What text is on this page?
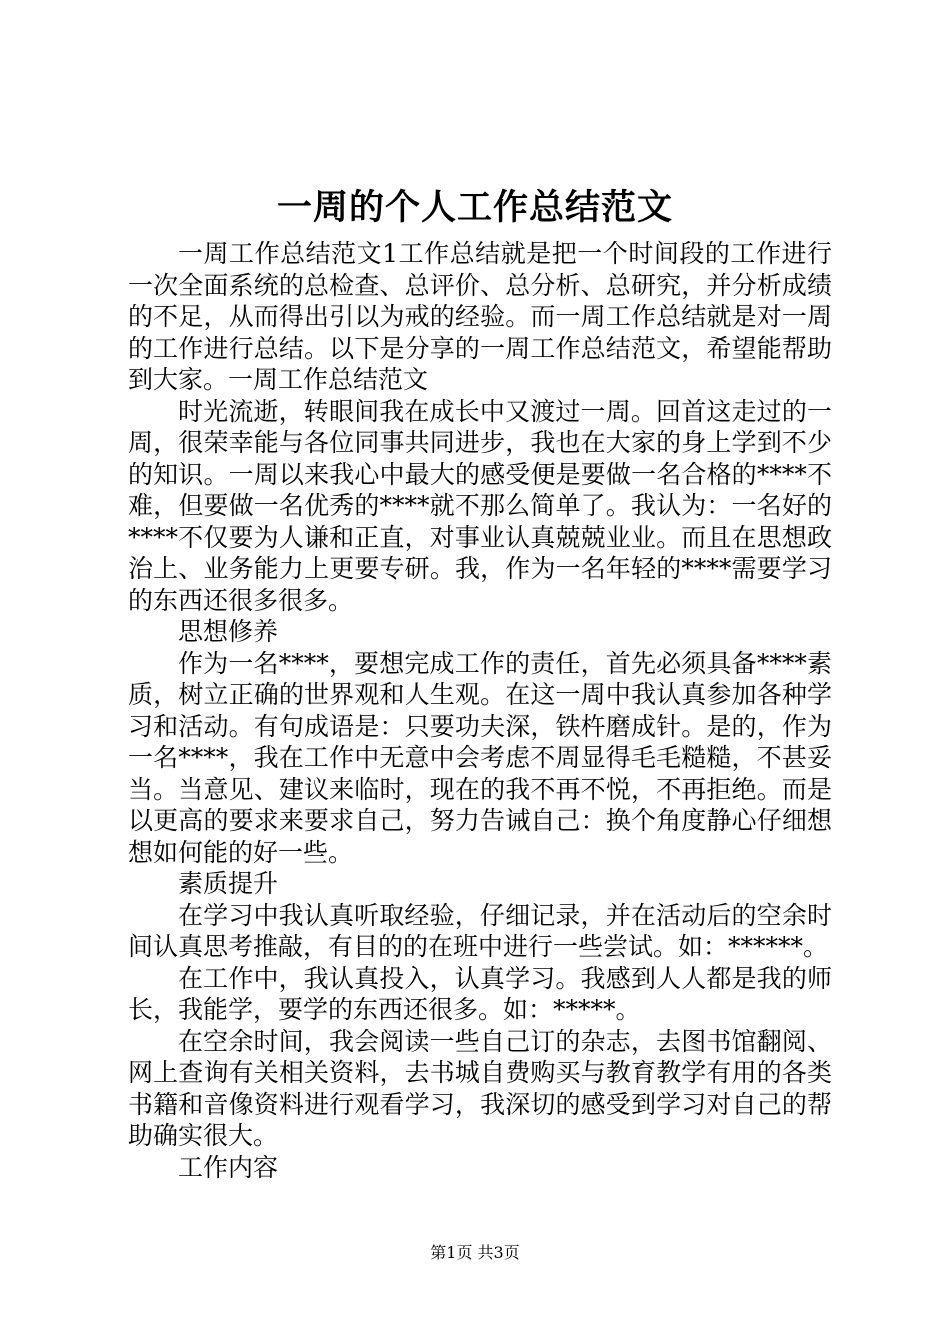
一周的个人工作总结范文

一周工作总结范文1工作总结就是把一个时间段的工作进行一次全面系统的总检查、总评价、总分析、总研究，并分析成绩的不足，从而得出引以为戒的经验。而一周工作总结就是对一周的工作进行总结。以下是分享的一周工作总结范文，希望能帮助到大家。一周工作总结范文

时光流逝，转眼间我在成长中又渡过一周。回首这走过的一周，很荣幸能与各位同事共同进步，我也在大家的身上学到不少的知识。一周以来我心中最大的感受便是要做一名合格的****不难，但要做一名优秀的****就不那么简单了。我认为：一名好的****不仅要为人谦和正直，对事业认真兢兢业业。而且在思想政治上、业务能力上更要专研。我，作为一名年轻的****需要学习的东西还很多很多。

思想修养

作为一名****，要想完成工作的责任，首先必须具备****素质，树立正确的世界观和人生观。在这一周中我认真参加各种学习和活动。有句成语是：只要功夫深，铁杵磨成针。是的，作为一名****，我在工作中无意中会考虑不周显得毛毛糙糙，不甚妥当。当意见、建议来临时，现在的我不再不悦，不再拒绝。而是以更高的要求来要求自己，努力告诫自己：换个角度静心仔细想想如何能的好一些。

素质提升

在学习中我认真听取经验，仔细记录，并在活动后的空余时间认真思考推敲，有目的的在班中进行一些尝试。如：******。

在工作中，我认真投入，认真学习。我感到人人都是我的师长，我能学，要学的东西还很多。如：*****。

在空余时间，我会阅读一些自己订的杂志，去图书馆翻阅、网上查询有关相关资料，去书城自费购买与教育教学有用的各类书籍和音像资料进行观看学习，我深切的感受到学习对自己的帮助确实很大。

工作内容

第1页 共3页
